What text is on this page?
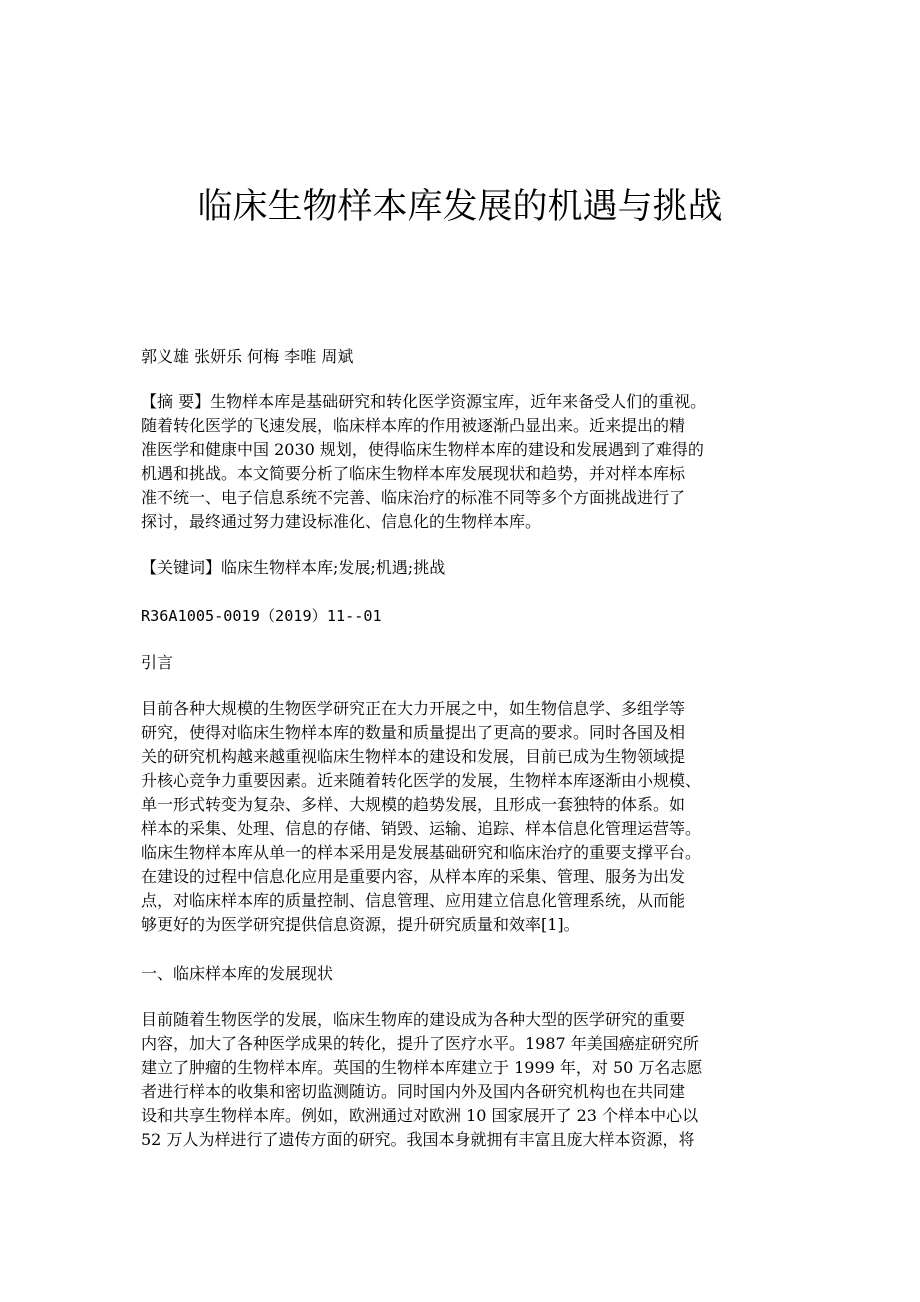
临床生物样本库发展的机遇与挑战

郭义雄 张妍乐 何梅 李唯 周斌

【摘 要】生物样本库是基础研究和转化医学资源宝库，近年来备受人们的重视。
随着转化医学的飞速发展，临床样本库的作用被逐渐凸显出来。近来提出的精
准医学和健康中国 2030 规划，使得临床生物样本库的建设和发展遇到了难得的
机遇和挑战。本文简要分析了临床生物样本库发展现状和趋势，并对样本库标
准不统一、电子信息系统不完善、临床治疗的标准不同等多个方面挑战进行了
探讨，最终通过努力建设标准化、信息化的生物样本库。

【关键词】临床生物样本库;发展;机遇;挑战

R36A1005-0019（2019）11--01

引言

目前各种大规模的生物医学研究正在大力开展之中，如生物信息学、多组学等
研究，使得对临床生物样本库的数量和质量提出了更高的要求。同时各国及相
关的研究机构越来越重视临床生物样本的建设和发展，目前已成为生物领域提
升核心竞争力重要因素。近来随着转化医学的发展，生物样本库逐渐由小规模、
单一形式转变为复杂、多样、大规模的趋势发展，且形成一套独特的体系。如
样本的采集、处理、信息的存储、销毁、运输、追踪、样本信息化管理运营等。
临床生物样本库从单一的样本采用是发展基础研究和临床治疗的重要支撑平台。
在建设的过程中信息化应用是重要内容，从样本库的采集、管理、服务为出发
点，对临床样本库的质量控制、信息管理、应用建立信息化管理系统，从而能
够更好的为医学研究提供信息资源，提升研究质量和效率[1]。

一、临床样本库的发展现状

目前随着生物医学的发展，临床生物库的建设成为各种大型的医学研究的重要
内容，加大了各种医学成果的转化，提升了医疗水平。1987 年美国癌症研究所
建立了肿瘤的生物样本库。英国的生物样本库建立于 1999 年，对 50 万名志愿
者进行样本的收集和密切监测随访。同时国内外及国内各研究机构也在共同建
设和共享生物样本库。例如，欧洲通过对欧洲 10 国家展开了 23 个样本中心以
52 万人为样进行了遗传方面的研究。我国本身就拥有丰富且庞大样本资源，将
